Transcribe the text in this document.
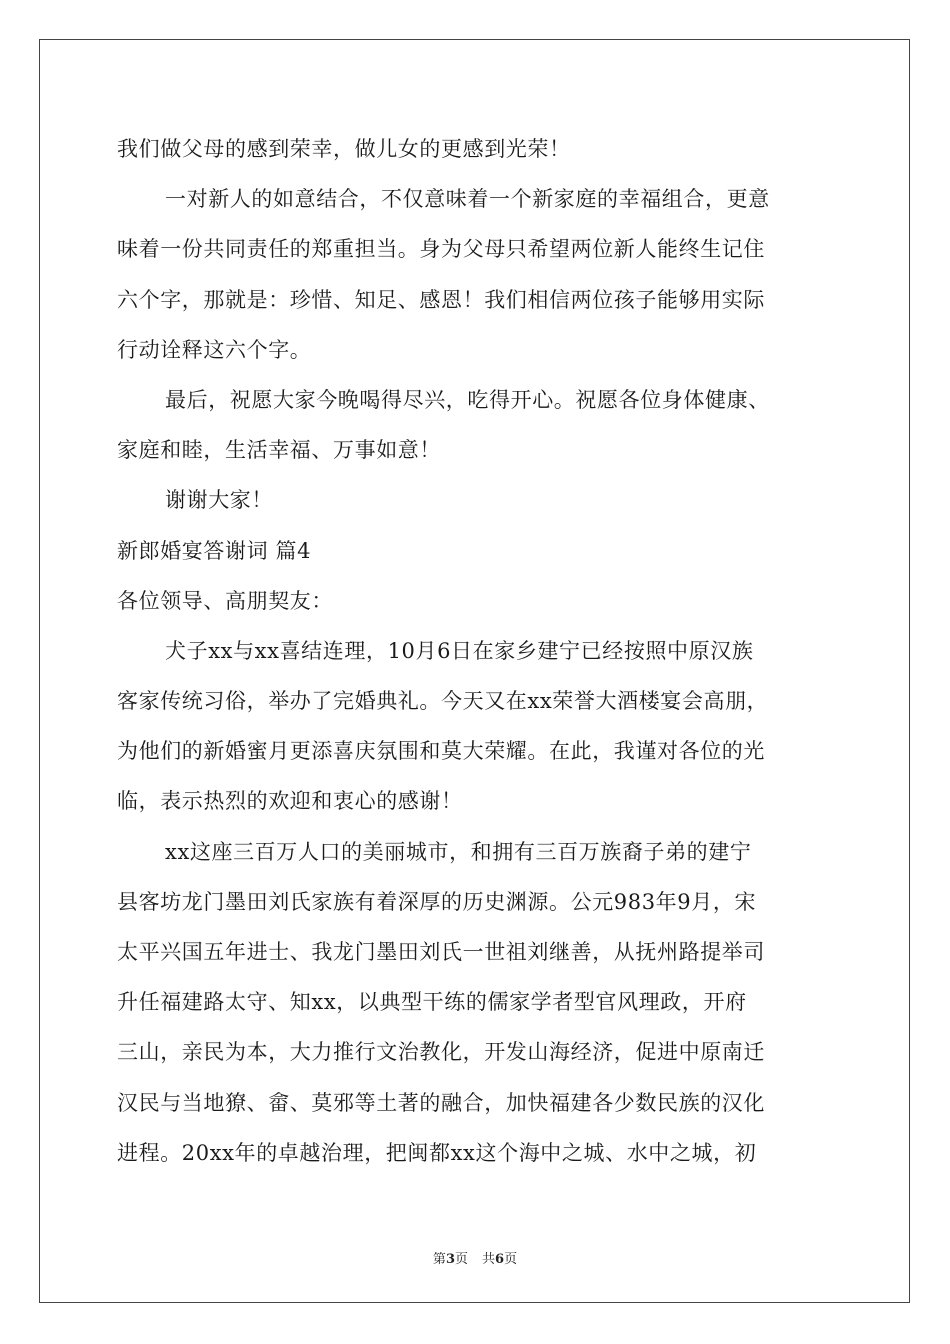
我们做父母的感到荣幸，做儿女的更感到光荣！
一对新人的如意结合，不仅意味着一个新家庭的幸福组合，更意
味着一份共同责任的郑重担当。身为父母只希望两位新人能终生记住
六个字，那就是：珍惜、知足、感恩！我们相信两位孩子能够用实际
行动诠释这六个字。
最后，祝愿大家今晚喝得尽兴，吃得开心。祝愿各位身体健康、
家庭和睦，生活幸福、万事如意！
谢谢大家！
新郎婚宴答谢词 篇4
各位领导、高朋契友：
犬子xx与xx喜结连理，10月6日在家乡建宁已经按照中原汉族
客家传统习俗，举办了完婚典礼。今天又在xx荣誉大酒楼宴会高朋，
为他们的新婚蜜月更添喜庆氛围和莫大荣耀。在此，我谨对各位的光
临，表示热烈的欢迎和衷心的感谢！
xx这座三百万人口的美丽城市，和拥有三百万族裔子弟的建宁
县客坊龙门墨田刘氏家族有着深厚的历史渊源。公元983年9月，宋
太平兴国五年进士、我龙门墨田刘氏一世祖刘继善，从抚州路提举司
升任福建路太守、知xx，以典型干练的儒家学者型官风理政，开府
三山，亲民为本，大力推行文治教化，开发山海经济，促进中原南迁
汉民与当地獠、畲、莫邪等土著的融合，加快福建各少数民族的汉化
进程。20xx年的卓越治理，把闽都xx这个海中之城、水中之城，初
第3页 共6页
